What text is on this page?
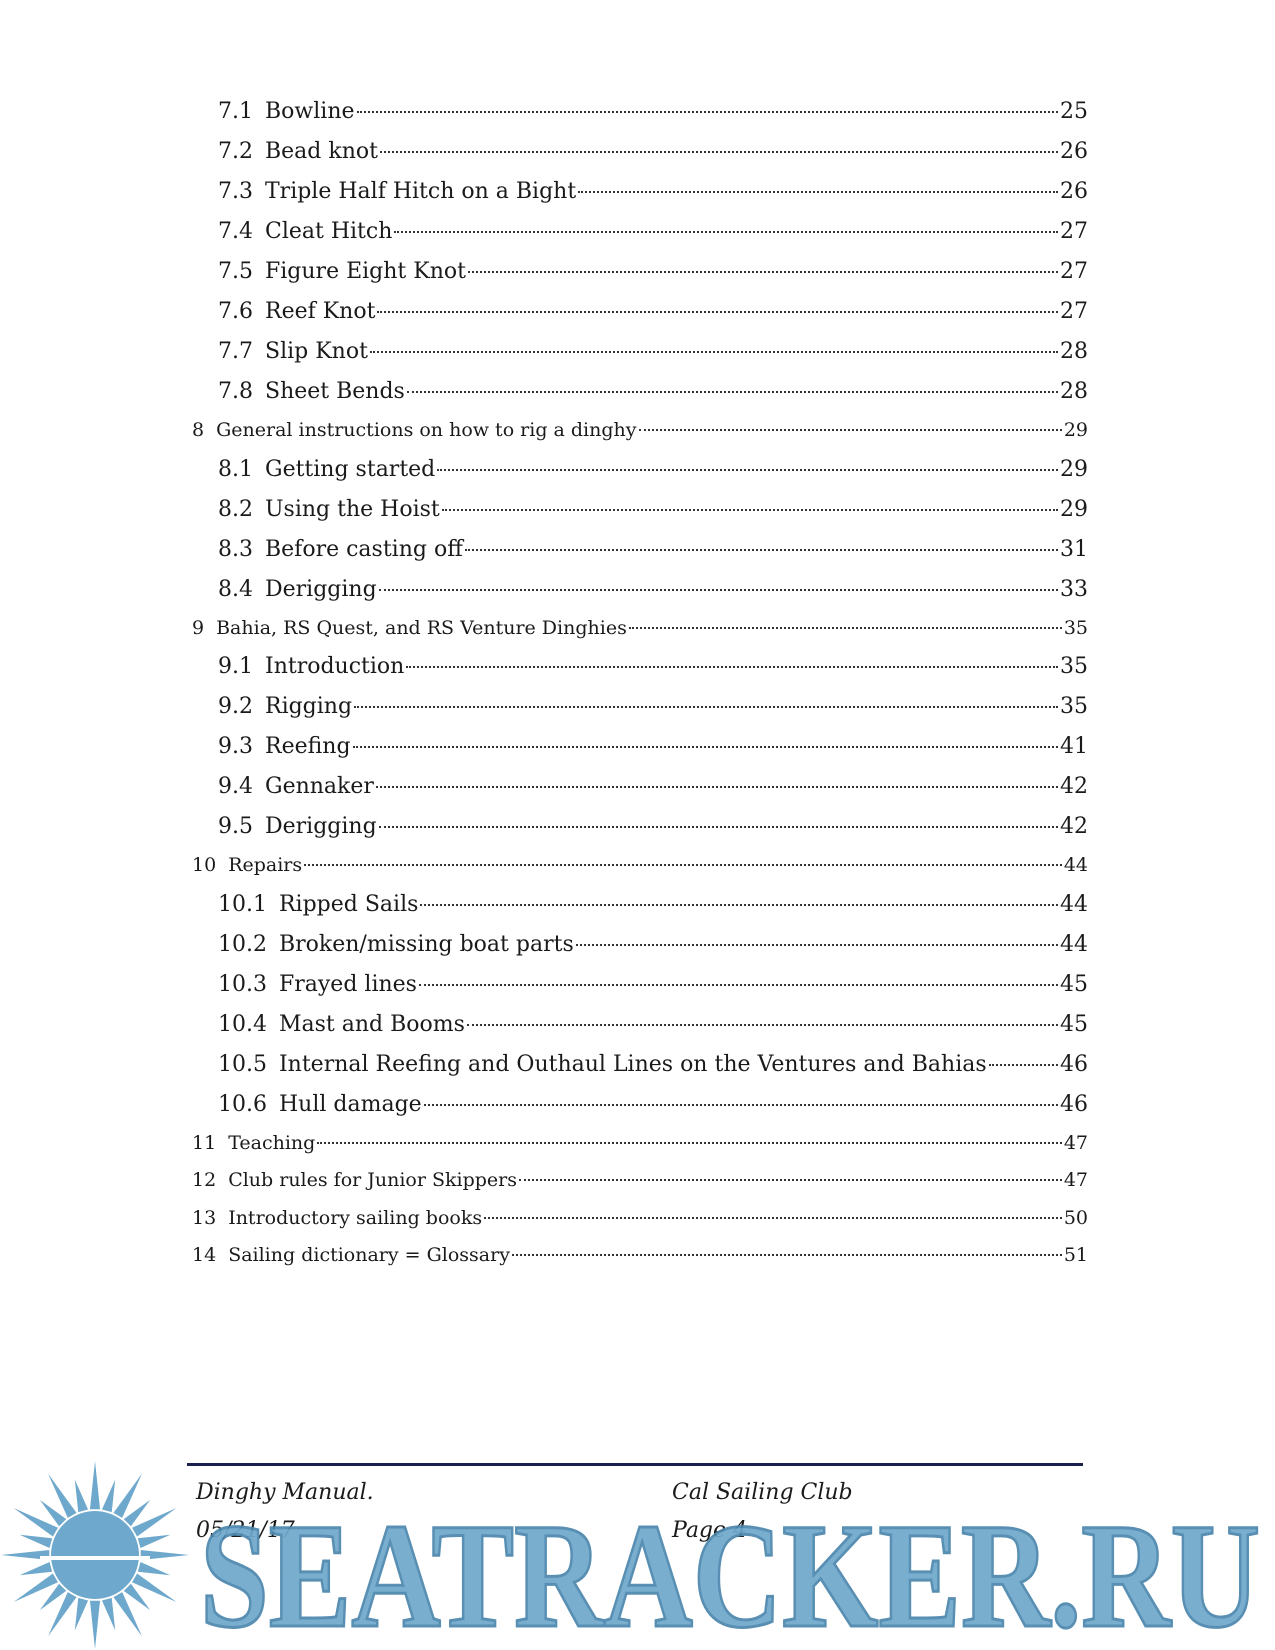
7.1 Bowline	25
7.2 Bead knot	26
7.3 Triple Half Hitch on a Bight	26
7.4 Cleat Hitch	27
7.5 Figure Eight Knot	27
7.6 Reef Knot	27
7.7 Slip Knot	28
7.8 Sheet Bends	28
8 General instructions on how to rig a dinghy	29
8.1 Getting started	29
8.2 Using the Hoist	29
8.3 Before casting off	31
8.4 Derigging	33
9 Bahia, RS Quest, and RS Venture Dinghies	35
9.1 Introduction	35
9.2 Rigging	35
9.3 Reefing	41
9.4 Gennaker	42
9.5 Derigging	42
10 Repairs	44
10.1 Ripped Sails	44
10.2 Broken/missing boat parts	44
10.3 Frayed lines	45
10.4 Mast and Booms	45
10.5 Internal Reefing and Outhaul Lines on the Ventures and Bahias	46
10.6 Hull damage	46
11 Teaching	47
12 Club rules for Junior Skippers	47
13 Introductory sailing books	50
14 Sailing dictionary = Glossary	51
Dinghy Manual.
05/21/17
Cal Sailing Club
Page 4
SEATRACKER.RU
